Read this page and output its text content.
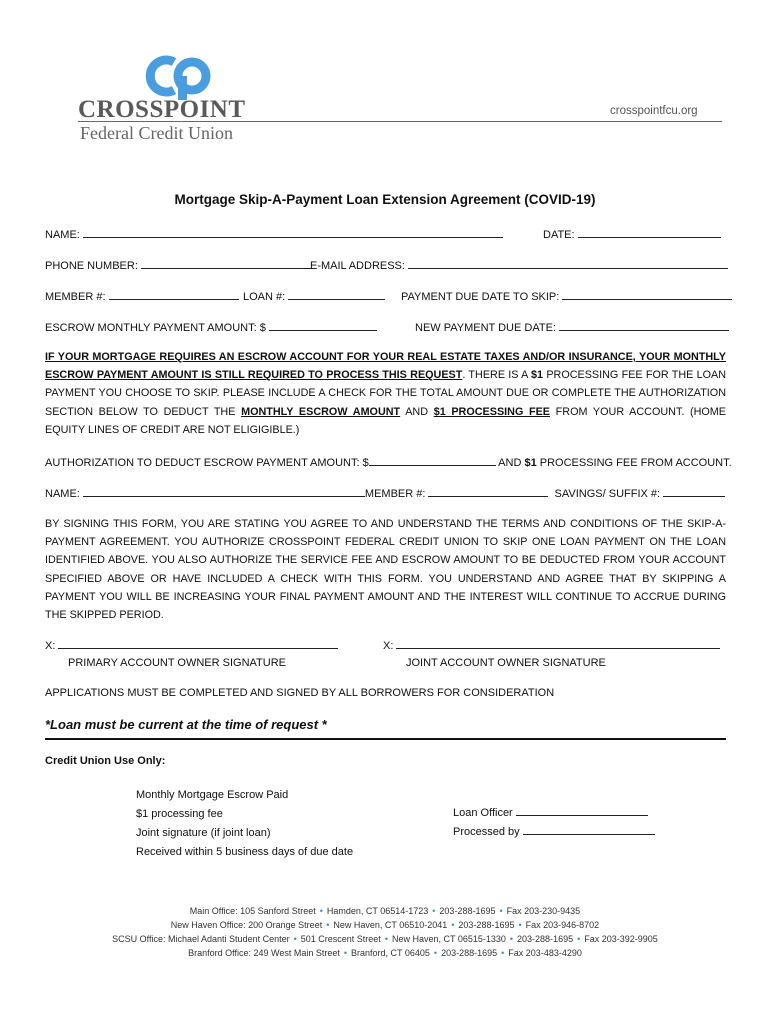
CROSSPOINT
Federal Credit Union
crosspointfcu.org
Mortgage Skip-A-Payment Loan Extension Agreement (COVID-19)
NAME:	DATE:
PHONE NUMBER:	E-MAIL ADDRESS:
MEMBER #:	LOAN #:	PAYMENT DUE DATE TO SKIP:
ESCROW MONTHLY PAYMENT AMOUNT: $	NEW PAYMENT DUE DATE:
IF YOUR MORTGAGE REQUIRES AN ESCROW ACCOUNT FOR YOUR REAL ESTATE TAXES AND/OR INSURANCE, YOUR MONTHLY ESCROW PAYMENT AMOUNT IS STILL REQUIRED TO PROCESS THIS REQUEST. THERE IS A $1 PROCESSING FEE FOR THE LOAN PAYMENT YOU CHOOSE TO SKIP. PLEASE INCLUDE A CHECK FOR THE TOTAL AMOUNT DUE OR COMPLETE THE AUTHORIZATION SECTION BELOW TO DEDUCT THE MONTHLY ESCROW AMOUNT AND $1 PROCESSING FEE FROM YOUR ACCOUNT. (HOME EQUITY LINES OF CREDIT ARE NOT ELIGIGIBLE.)
AUTHORIZATION TO DEDUCT ESCROW PAYMENT AMOUNT: $	AND $1 PROCESSING FEE FROM ACCOUNT.
NAME:	MEMBER #:	SAVINGS/ SUFFIX #:
BY SIGNING THIS FORM, YOU ARE STATING YOU AGREE TO AND UNDERSTAND THE TERMS AND CONDITIONS OF THE SKIP-A-PAYMENT AGREEMENT. YOU AUTHORIZE CROSSPOINT FEDERAL CREDIT UNION TO SKIP ONE LOAN PAYMENT ON THE LOAN IDENTIFIED ABOVE. YOU ALSO AUTHORIZE THE SERVICE FEE AND ESCROW AMOUNT TO BE DEDUCTED FROM YOUR ACCOUNT SPECIFIED ABOVE OR HAVE INCLUDED A CHECK WITH THIS FORM. YOU UNDERSTAND AND AGREE THAT BY SKIPPING A PAYMENT YOU WILL BE INCREASING YOUR FINAL PAYMENT AMOUNT AND THE INTEREST WILL CONTINUE TO ACCRUE DURING THE SKIPPED PERIOD.
X:	X:
PRIMARY ACCOUNT OWNER SIGNATURE	JOINT ACCOUNT OWNER SIGNATURE
APPLICATIONS MUST BE COMPLETED AND SIGNED BY ALL BORROWERS FOR CONSIDERATION
*Loan must be current at the time of request *
Credit Union Use Only:
Monthly Mortgage Escrow Paid
$1 processing fee
Joint signature (if joint loan)
Received within 5 business days of due date
Loan Officer
Processed by
Main Office: 105 Sanford Street • Hamden, CT 06514-1723 • 203-288-1695 • Fax 203-230-9435
New Haven Office: 200 Orange Street • New Haven, CT 06510-2041 • 203-288-1695 • Fax 203-946-8702
SCSU Office: Michael Adanti Student Center • 501 Crescent Street • New Haven, CT 06515-1330 • 203-288-1695 • Fax 203-392-9905
Branford Office: 249 West Main Street • Branford, CT 06405 • 203-288-1695 • Fax 203-483-4290
